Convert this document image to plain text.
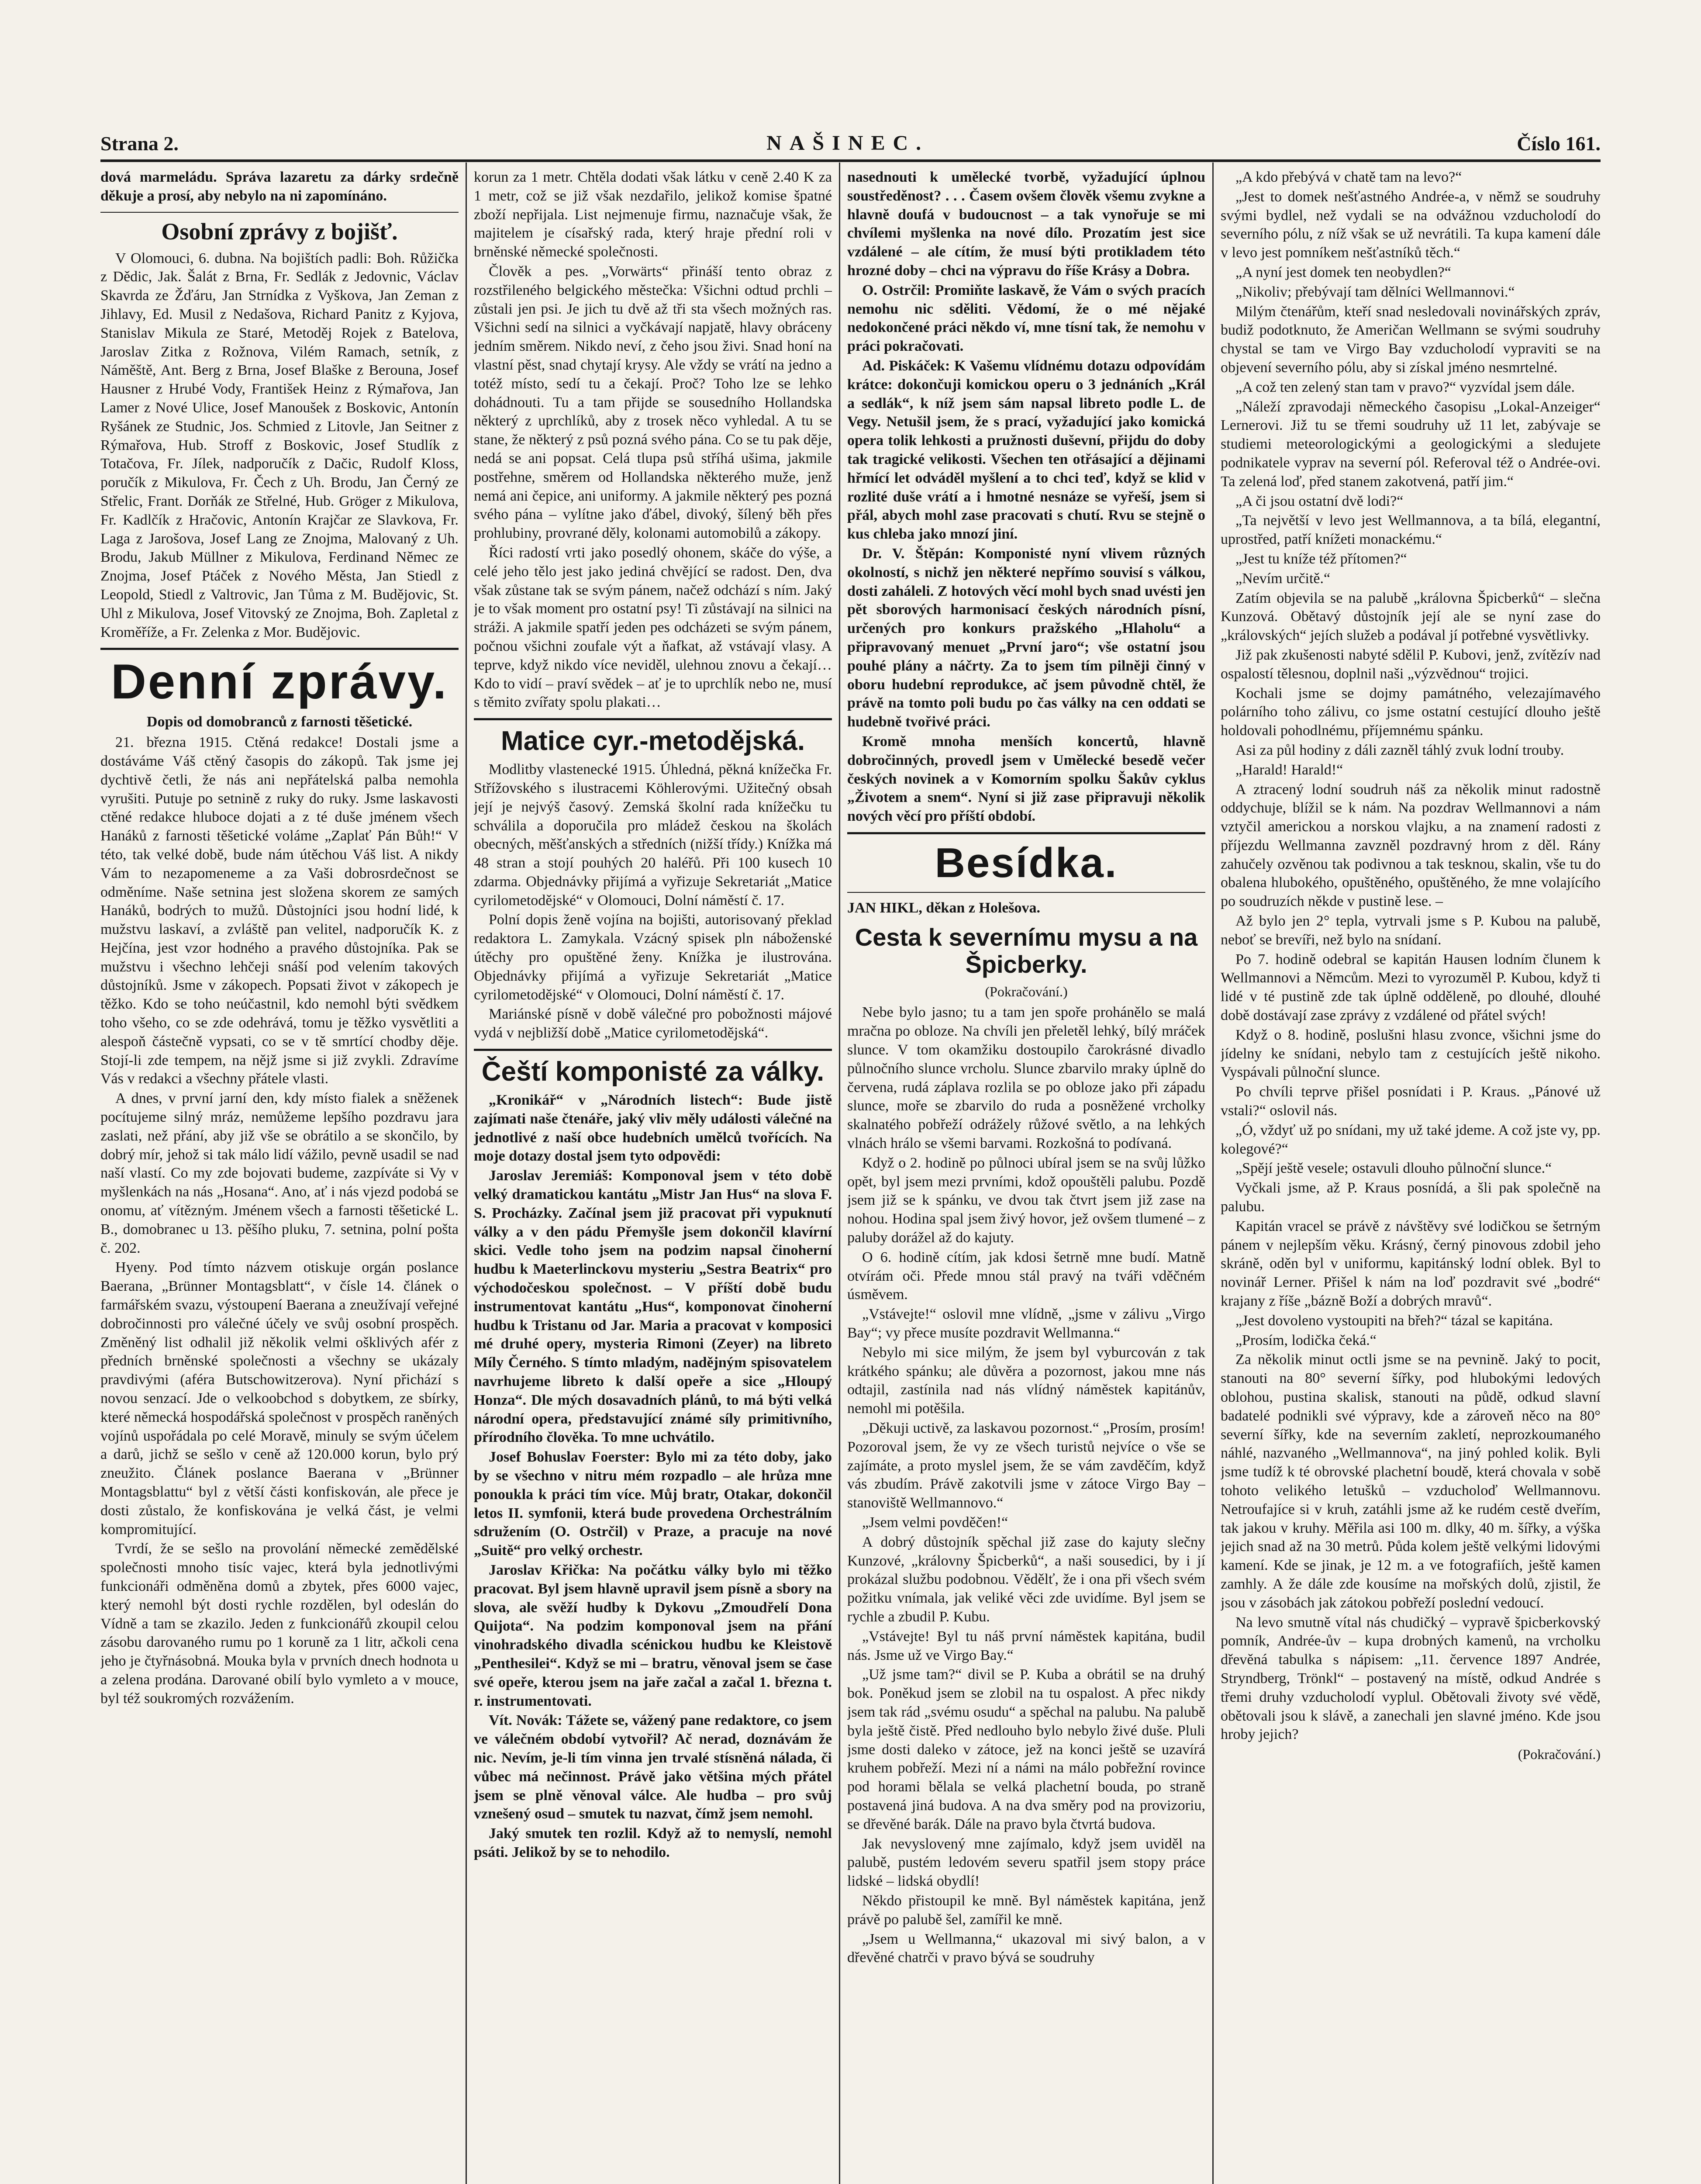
Strana 2.	NAŠINEC.	Číslo 161.

dová marmeládu. Správa lazaretu za dárky srdečně děkuje a prosí, aby nebylo na ni zapomínáno.

Osobní zprávy z bojišť.

V Olomouci, 6. dubna. Na bojištích padli: Boh. Růžička z Dědic, Jak. Šalát z Brna, Fr. Sedlák z Jedovnic, Václav Skavrda ze Žďáru, Jan Strnídka z Vyškova, Jan Zeman z Jihlavy, Ed. Musil z Nedašova, Richard Panitz z Kyjova, Stanislav Mikula ze Staré, Metoděj Rojek z Batelova, Jaroslav Zitka z Rožnova, Vilém Ramach, setník, z Náměště, Ant. Berg z Brna, Josef Blaške z Berouna, Josef Hausner z Hrubé Vody, František Heinz z Rýmařova, Jan Lamer z Nové Ulice, Josef Manoušek z Boskovic, Antonín Ryšánek ze Studnic, Jos. Schmied z Litovle, Jan Seitner z Rýmařova, Hub. Stroff z Boskovic, Josef Studlík z Totačova, Fr. Jílek, nadporučík z Dačic, Rudolf Kloss, poručík z Mikulova, Fr. Čech z Uh. Brodu, Jan Černý ze Střelic, Frant. Dorňák ze Střelné, Hub. Gröger z Mikulova, Fr. Kadlčík z Hračovic, Antonín Krajčar ze Slavkova, Fr. Laga z Jarošova, Josef Lang ze Znojma, Malovaný z Uh. Brodu, Jakub Müllner z Mikulova, Ferdinand Němec ze Znojma, Josef Ptáček z Nového Města, Jan Stiedl z Leopold, Stiedl z Valtrovic, Jan Tůma z M. Budějovic, St. Uhl z Mikulova, Josef Vitovský ze Znojma, Boh. Zapletal z Kroměříže, a Fr. Zelenka z Mor. Budějovic.

Denní zprávy.
Dopis od domobranců z farnosti těšetické.

21. března 1915. Ctěná redakce! Dostali jsme a dostáváme Váš ctěný časopis do zákopů. Tak jsme jej dychtivě četli, že nás ani nepřátelská palba nemohla vyrušiti. Putuje po setnině z ruky do ruky. Jsme laskavosti ctěné redakce hluboce dojati a z té duše jménem všech Hanáků z farnosti těšetické voláme „Zaplať Pán Bůh!“ V této, tak velké době, bude nám útěchou Váš list. A nikdy Vám to nezapomeneme a za Vaši dobrosrdečnost se odměníme. Naše setnina jest složena skorem ze samých Hanáků, bodrých to mužů. Důstojníci jsou hodní lidé, k mužstvu laskaví, a zvláště pan velitel, nadporučík K. z Hejčína, jest vzor hodného a pravého důstojníka. Pak se mužstvu i všechno lehčeji snáší pod velením takových důstojníků. Jsme v zákopech. Popsati život v zákopech je těžko. Kdo se toho neúčastnil, kdo nemohl býti svědkem toho všeho, co se zde odehrává, tomu je těžko vysvětliti a alespoň částečně vypsati, co se v tě smrtící chodby děje. Stojí-li zde tempem, na nějž jsme si již zvykli. Zdravíme Vás v redakci a všechny přátele vlasti.

A dnes, v první jarní den, kdy místo fialek a sněženek pocítujeme silný mráz, nemůžeme lepšího pozdravu jara zaslati, než přání, aby již vše se obrátilo a se skončilo, by dobrý mír, jehož si tak málo lidí vážilo, pevně usadil se nad naší vlastí. Co my zde bojovati budeme, zazpíváte si Vy v myšlenkách na nás „Hosana“. Ano, ať i nás vjezd podobá se onomu, ať vítězným. Jménem všech a farnosti těšetické L. B., domobranec u 13. pěšího pluku, 7. setnina, polní pošta č. 202.

Hyeny. Pod tímto názvem otiskuje orgán poslance Baerana, „Brünner Montagsblatt“, v čísle 14. článek o farmářském svazu, výstoupení Baerana a zneužívají veřejné dobročinnosti pro válečné účely ve svůj osobní prospěch. Změněný list odhalil již několik velmi ošklivých afér z předních brněnské společnosti a všechny se ukázaly pravdivými (aféra Butschowitzerova). Nyní přichází s novou senzací. Jde o velkoobchod s dobytkem, ze sbírky, které německá hospodářská společnost v prospěch raněných vojínů uspořádala po celé Moravě, minuly se svým účelem a darů, jichž se sešlo v ceně až 120.000 korun, bylo prý zneužito. Článek poslance Baerana v „Brünner Montagsblattu“ byl z větší části konfiskován, ale přece je dosti zůstalo, že konfiskována je velká část, je velmi kompromitující.

Tvrdí, že se sešlo na provolání německé zemědělské společnosti mnoho tisíc vajec, která byla jednotlivými funkcionáři odměněna domů a zbytek, přes 6000 vajec, který nemohl být dosti rychle rozdělen, byl odeslán do Vídně a tam se zkazilo. Jeden z funkcionářů zkoupil celou zásobu darovaného rumu po 1 koruně za 1 litr, ačkoli cena jeho je čtyřnásobná. Mouka byla v prvních dnech hodnota u a zelena prodána. Darované obilí bylo vymleto a v mouce, byl též soukromých rozvážením.

korun za 1 metr. Chtěla dodati však látku v ceně 2.40 K za 1 metr, což se již však nezdařilo, jelikož komise špatné zboží nepřijala. List nejmenuje firmu, naznačuje však, že majitelem je císařský rada, který hraje přední roli v brněnské německé společnosti.

Člověk a pes. „Vorwärts“ přináší tento obraz z rozstřileného belgického městečka: Všichni odtud prchli – zůstali jen psi. Je jich tu dvě až tři sta všech možných ras. Všichni sedí na silnici a vyčkávají napjatě, hlavy obráceny jedním směrem. Nikdo neví, z čeho jsou živi. Snad honí na vlastní pěst, snad chytají krysy. Ale vždy se vrátí na jedno a totéž místo, sedí tu a čekají. Proč? Toho lze se lehko dohádnouti. Tu a tam přijde se sousedního Hollandska některý z uprchlíků, aby z trosek něco vyhledal. A tu se stane, že některý z psů pozná svého pána. Co se tu pak děje, nedá se ani popsat. Celá tlupa psů stříhá ušima, jakmile postřehne, směrem od Hollandska některého muže, jenž nemá ani čepice, ani uniformy. A jakmile některý pes pozná svého pána – vylítne jako ďábel, divoký, šílený běh přes prohlubiny, provrané děly, kolonami automobilů a zákopy.

Říci radostí vrti jako posedlý ohonem, skáče do výše, a celé jeho tělo jest jako jediná chvějící se radost. Den, dva však zůstane tak se svým pánem, načež odchází s ním. Jaký je to však moment pro ostatní psy! Ti zůstávají na silnici na stráži. A jakmile spatří jeden pes odcházeti se svým pánem, počnou všichni zoufale výt a ňafkat, až vstávají vlasy. A teprve, když nikdo více neviděl, ulehnou znovu a čekají… Kdo to vidí – praví svědek – ať je to uprchlík nebo ne, musí s těmito zvířaty spolu plakati…

Matice cyr.-metodějská.

Modlitby vlastenecké 1915. Úhledná, pěkná knížečka Fr. Střížovského s ilustracemi Köhlerovými. Užitečný obsah její je nejvýš časový. Zemská školní rada knížečku tu schválila a doporučila pro mládež českou na školách obecných, měšťanských a středních (nižší třídy.) Knížka má 48 stran a stojí pouhých 20 haléřů. Při 100 kusech 10 zdarma. Objednávky přijímá a vyřizuje Sekretariát „Matice cyrilometodějské“ v Olomouci, Dolní náměstí č. 17.

Polní dopis ženě vojína na bojišti, autorisovaný překlad redaktora L. Zamykala. Vzácný spisek pln náboženské útěchy pro opuštěné ženy. Knížka je ilustrována. Objednávky přijímá a vyřizuje Sekretariát „Matice cyrilometodějské“ v Olomouci, Dolní náměstí č. 17.

Mariánské písně v době válečné pro pobožnosti májové vydá v nejbližší době „Matice cyrilometodějská“.

Čeští komponisté za války.

„Kronikář“ v „Národních listech“: Bude jistě zajímati naše čtenáře, jaký vliv měly události válečné na jednotlivé z naší obce hudebních umělců tvořících. Na moje dotazy dostal jsem tyto odpovědi:

Jaroslav Jeremiáš: Komponoval jsem v této době velký dramatickou kantátu „Mistr Jan Hus“ na slova F. S. Procházky. Začínal jsem již pracovat při vypuknutí války a v den pádu Přemyšle jsem dokončil klavírní skici. Vedle toho jsem na podzim napsal činoherní hudbu k Maeterlinckovu mysteriu „Sestra Beatrix“ pro východočeskou společnost. – V příští době budu instrumentovat kantátu „Hus“, komponovat činoherní hudbu k Tristanu od Jar. Maria a pracovat v komposici mé druhé opery, mysteria Rimoni (Zeyer) na libreto Míly Černého. S tímto mladým, nadějným spisovatelem navrhujeme libreto k další opeře a sice „Hloupý Honza“. Dle mých dosavadních plánů, to má býti velká národní opera, představující známé síly primitivního, přírodního člověka. To mne uchvátilo.

Josef Bohuslav Foerster: Bylo mi za této doby, jako by se všechno v nitru mém rozpadlo – ale hrůza mne ponoukla k práci tím více. Můj bratr, Otakar, dokončil letos II. symfonii, která bude provedena Orchestrálním sdružením (O. Ostrčil) v Praze, a pracuje na nové „Suitě“ pro velký orchestr.

Jaroslav Křička: Na počátku války bylo mi těžko pracovat. Byl jsem hlavně upravil jsem písně a sbory na slova, ale svěží hudby k Dykovu „Zmoudřelí Dona Quijota“. Na podzim komponoval jsem na přání vinohradského divadla scénickou hudbu ke Kleistově „Penthesilei“. Když se mi – bratru, věnoval jsem se čase své opeře, kterou jsem na jaře začal a začal 1. března t. r. instrumentovati.

Vít. Novák: Tážete se, vážený pane redaktore, co jsem ve válečném období vytvořil? Ač nerad, doznávám že nic. Nevím, je-li tím vinna jen trvalé stísněná nálada, či vůbec má nečinnost. Právě jako většina mých přátel jsem se plně věnoval válce. Ale hudba – pro svůj vznešený osud – smutek tu nazvat, čímž jsem nemohl.

Jaký smutek ten rozlil. Když až to nemyslí, nemohl psáti. Jelikož by se to nehodilo.

nasednouti k umělecké tvorbě, vyžadující úplnou soustředěnost? . . . Časem ovšem člověk všemu zvykne a hlavně doufá v budoucnost – a tak vynořuje se mi chvílemi myšlenka na nové dílo. Prozatím jest sice vzdálené – ale cítím, že musí býti protikladem této hrozné doby – chci na výpravu do říše Krásy a Dobra.

O. Ostrčil: Promiňte laskavě, že Vám o svých pracích nemohu nic sděliti. Vědomí, že o mé nějaké nedokončené práci někdo ví, mne tísní tak, že nemohu v práci pokračovati.

Ad. Piskáček: K Vašemu vlídnému dotazu odpovídám krátce: dokončuji komickou operu o 3 jednáních „Král a sedlák“, k níž jsem sám napsal libreto podle L. de Vegy. Netušil jsem, že s prací, vyžadující jako komická opera tolik lehkosti a pružnosti duševní, přijdu do doby tak tragické velikosti. Všechen ten otřásající a dějinami hřmící let odváděl myšlení a to chci teď, když se klid v rozlité duše vrátí a i hmotné nesnáze se vyřeší, jsem si přál, abych mohl zase pracovati s chutí. Rvu se stejně o kus chleba jako mnozí jiní.

Dr. V. Štěpán: Komponisté nyní vlivem různých okolností, s nichž jen některé nepřímo souvisí s válkou, dosti zaháleli. Z hotových věcí mohl bych snad uvésti jen pět sborových harmonisací českých národních písní, určených pro konkurs pražského „Hlaholu“ a připravovaný menuet „První jaro“; vše ostatní jsou pouhé plány a náčrty. Za to jsem tím pilněji činný v oboru hudební reprodukce, ač jsem původně chtěl, že právě na tomto poli budu po čas války na cen oddati se hudebně tvořivé práci.

Kromě mnoha menších koncertů, hlavně dobročinných, provedl jsem v Umělecké besedě večer českých novinek a v Komorním spolku Šakův cyklus „Životem a snem“. Nyní si již zase připravuji několik nových věcí pro příští období.

Besídka.
JAN HIKL, děkan z Holešova.
Cesta k severnímu mysu a na Špicberky.
(Pokračování.)

Nebe bylo jasno; tu a tam jen spoře prohánělo se malá mračna po obloze. Na chvíli jen přeletěl lehký, bílý mráček slunce. V tom okamžiku dostoupilo čarokrásné divadlo půlnočního slunce vrcholu. Slunce zbarvilo mraky úplně do červena, rudá záplava rozlila se po obloze jako při západu slunce, moře se zbarvilo do ruda a posněžené vrcholky skalnatého pobřeží odrážely růžové světlo, a na lehkých vlnách hrálo se všemi barvami. Rozkošná to podívaná.

Když o 2. hodině po půlnoci ubíral jsem se na svůj lůžko opět, byl jsem mezi prvními, kdož opouštěli palubu. Pozdě jsem již se k spánku, ve dvou tak čtvrt jsem již zase na nohou. Hodina spal jsem živý hovor, jež ovšem tlumené – z paluby dorážel až do kajuty.

O 6. hodině cítím, jak kdosi šetrně mne budí. Matně otvírám oči. Přede mnou stál pravý na tváři vděčném úsměvem.

„Vstávejte!“ oslovil mne vlídně, „jsme v zálivu „Virgo Bay“; vy přece musíte pozdravit Wellmanna.“

Nebylo mi sice milým, že jsem byl vyburcován z tak krátkého spánku; ale důvěra a pozornost, jakou mne nás odtajil, zastínila nad nás vlídný náměstek kapitánův, nemohl mi potěšila.

„Děkuji uctivě, za laskavou pozornost.“ „Prosím, prosím! Pozoroval jsem, že vy ze všech turistů nejvíce o vše se zajímáte, a proto myslel jsem, že se vám zavděčím, když vás zbudím. Právě zakotvili jsme v zátoce Virgo Bay – stanoviště Wellmannovo.“

„Jsem velmi povděčen!“

A dobrý důstojník spěchal již zase do kajuty slečny Kunzové, „královny Špicberků“, a naši sousedici, by i jí prokázal službu podobnou. Vědělť, že i ona při všech svém požitku vnímala, jak veliké věci zde uvidíme. Byl jsem se rychle a zbudil P. Kubu.

„Vstávejte! Byl tu náš první náměstek kapitána, budil nás. Jsme už ve Virgo Bay.“

„Už jsme tam?“ divil se P. Kuba a obrátil se na druhý bok. Poněkud jsem se zlobil na tu ospalost. A přec nikdy jsem tak rád „svému osudu“ a spěchal na palubu. Na palubě byla ještě čistě. Před nedlouho bylo nebylo živé duše. Pluli jsme dosti daleko v zátoce, jež na konci ještě se uzavírá kruhem pobřeží. Mezi ní a námi na málo pobřežní rovince pod horami bělala se velká plachetní bouda, po straně postavená jiná budova. A na dva směry pod na provizoriu, se dřevěné barák. Dále na pravo byla čtvrtá budova.

Jak nevyslovený mne zajímalo, když jsem uviděl na palubě, pustém ledovém severu spatřil jsem stopy práce lidské – lidská obydlí!

Někdo přistoupil ke mně. Byl náměstek kapitána, jenž právě po palubě šel, zamířil ke mně.

„Jsem u Wellmanna,“ ukazoval mi sivý balon, a v dřevěné chatrči v pravo bývá se soudruhy

„A kdo přebývá v chatě tam na levo?“

„Jest to domek nešťastného Andrée-a, v němž se soudruhy svými bydlel, než vydali se na odvážnou vzducholodí do severního pólu, z níž však se už nevrátili. Ta kupa kamení dále v levo jest pomníkem nešťastníků těch.“

„A nyní jest domek ten neobydlen?“

„Nikoliv; přebývají tam dělníci Wellmannovi.“

Milým čtenářům, kteří snad nesledovali novinářských zpráv, budiž podotknuto, že Američan Wellmann se svými soudruhy chystal se tam ve Virgo Bay vzducholodí vypraviti se na objevení severního pólu, aby si získal jméno nesmrtelné.

„A což ten zelený stan tam v pravo?“ vyzvídal jsem dále.

„Náleží zpravodaji německého časopisu „Lokal-Anzeiger“ Lernerovi. Již tu se třemi soudruhy už 11 let, zabývaje se studiemi meteorologickými a geologickými a sledujete podnikatele vyprav na severní pól. Referoval též o Andrée-ovi. Ta zelená loď, před stanem zakotvená, patří jim.“

„A či jsou ostatní dvě lodi?“

„Ta největší v levo jest Wellmannova, a ta bílá, elegantní, uprostřed, patří knížeti monackému.“

„Jest tu kníže též přítomen?“

„Nevím určitě.“

Zatím objevila se na palubě „královna Špicberků“ – slečna Kunzová. Obětavý důstojník její ale se nyní zase do „královských“ jejích služeb a podával jí potřebné vysvětlivky.

Již pak zkušenosti nabyté sdělil P. Kubovi, jenž, zvítězív nad ospalostí tělesnou, doplnil naši „výzvědnou“ trojici.

Kochali jsme se dojmy památného, velezajímavého polárního toho zálivu, co jsme ostatní cestující dlouho ještě holdovali pohodlnému, příjemnému spánku.

Asi za půl hodiny z dáli zazněl táhlý zvuk lodní trouby.

„Harald! Harald!“

A ztracený lodní soudruh náš za několik minut radostně oddychuje, blížil se k nám. Na pozdrav Wellmannovi a nám vztyčil americkou a norskou vlajku, a na znamení radosti z příjezdu Wellmanna zavzněl pozdravný hrom z děl. Rány zahučely ozvěnou tak podivnou a tak tesknou, skalin, vše tu do obalena hlubokého, opuštěného, opuštěného, že mne volajícího po soudruzích někde v pustině lese. –

Až bylo jen 2° tepla, vytrvali jsme s P. Kubou na palubě, neboť se brevíři, než bylo na snídaní.

Po 7. hodině odebral se kapitán Hausen lodním člunem k Wellmannovi a Němcům. Mezi to vyrozuměl P. Kubou, když ti lidé v té pustině zde tak úplně odděleně, po dlouhé, dlouhé době dostávají zase zprávy z vzdálené od přátel svých!

Když o 8. hodině, poslušni hlasu zvonce, všichni jsme do jídelny ke snídani, nebylo tam z cestujících ještě nikoho. Vyspávali půlnoční slunce.

Po chvíli teprve přišel posnídati i P. Kraus. „Pánové už vstali?“ oslovil nás.

„Ó, vždyť už po snídani, my už také jdeme. A což jste vy, pp. kolegové?“

„Spějí ještě vesele; ostavuli dlouho půlnoční slunce.“

Vyčkali jsme, až P. Kraus posnídá, a šli pak společně na palubu.

Kapitán vracel se právě z návštěvy své lodičkou se šetrným pánem v nejlepším věku. Krásný, černý pinovous zdobil jeho skráně, oděn byl v uniformu, kapitánský lodní oblek. Byl to novinář Lerner. Přišel k nám na loď pozdravit své „bodré“ krajany z říše „bázně Boží a dobrých mravů“.

„Jest dovoleno vystoupiti na břeh?“ tázal se kapitána.

„Prosím, lodička čeká.“

Za několik minut octli jsme se na pevnině. Jaký to pocit, stanouti na 80° severní šířky, pod hlubokými ledových oblohou, pustina skalisk, stanouti na půdě, odkud slavní badatelé podnikli své výpravy, kde a zároveň něco na 80° severní šířky, kde na severním zakletí, neprozkoumaného náhlé, nazvaného „Wellmannova“, na jiný pohled kolik. Byli jsme tudíž k té obrovské plachetní boudě, která chovala v sobě tohoto velikého letušků – vzducholoď Wellmannovu. Netroufajíce si v kruh, zatáhli jsme až ke rudém cestě dveřím, tak jakou v kruhy. Měřila asi 100 m. dlky, 40 m. šířky, a výška jejich snad až na 30 metrů. Půda kolem ještě velkými lidovými kamení. Kde se jinak, je 12 m. a ve fotografiích, ještě kamen zamhly. A že dále zde kousíme na mořských dolů, zjistil, že jsou v zásobách jak zátokou pobřeží poslední vedoucí.

Na levo smutně vítal nás chudičký – vypravě špicberkovský pomník, Andrée-ův – kupa drobných kamenů, na vrcholku dřevěná tabulka s nápisem: „11. července 1897 Andrée, Stryndberg, Trönkl“ – postavený na místě, odkud Andrée s třemi druhy vzducholodí vyplul. Obětovali životy své vědě, obětovali jsou k slávě, a zanechali jen slavné jméno. Kde jsou hroby jejich?

(Pokračování.)
